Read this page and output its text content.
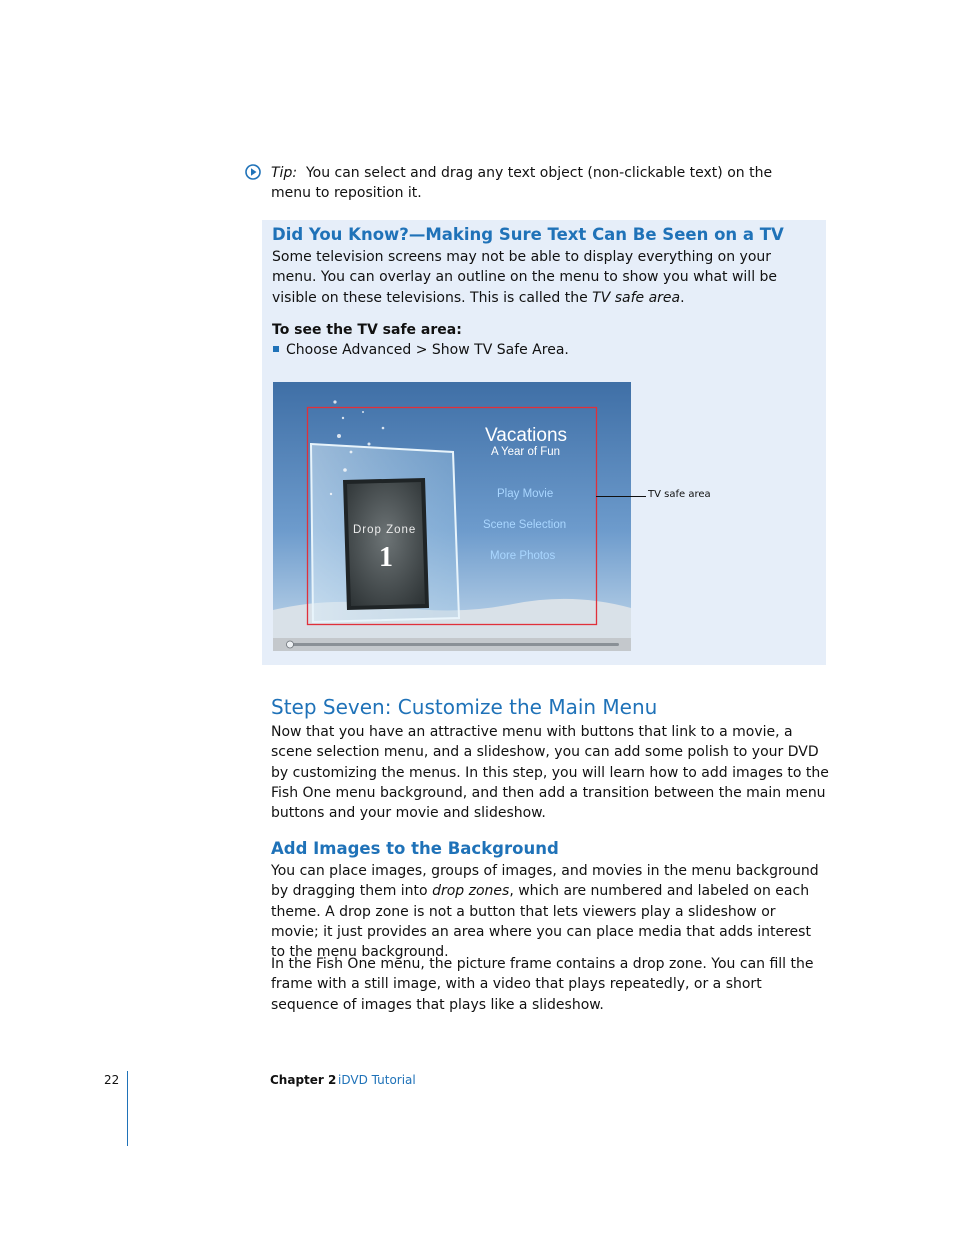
Tip: You can select and drag any text object (non-clickable text) on the menu to reposition it.

Did You Know?—Making Sure Text Can Be Seen on a TV

Some television screens may not be able to display everything on your menu. You can overlay an outline on the menu to show you what will be visible on these televisions. This is called the TV safe area.

To see the TV safe area:

Choose Advanced > Show TV Safe Area.

Drop Zone
1
Vacations
A Year of Fun
Play Movie
Scene Selection
More Photos
TV safe area
Step Seven: Customize the Main Menu

Now that you have an attractive menu with buttons that link to a movie, a scene selection menu, and a slideshow, you can add some polish to your DVD by customizing the menus. In this step, you will learn how to add images to the Fish One menu background, and then add a transition between the main menu buttons and your movie and slideshow.

Add Images to the Background

You can place images, groups of images, and movies in the menu background by dragging them into drop zones, which are numbered and labeled on each theme. A drop zone is not a button that lets viewers play a slideshow or movie; it just provides an area where you can place media that adds interest to the menu background.

In the Fish One menu, the picture frame contains a drop zone. You can fill the frame with a still image, with a video that plays repeatedly, or a short sequence of images that plays like a slideshow.

22	Chapter 2 iDVD Tutorial
